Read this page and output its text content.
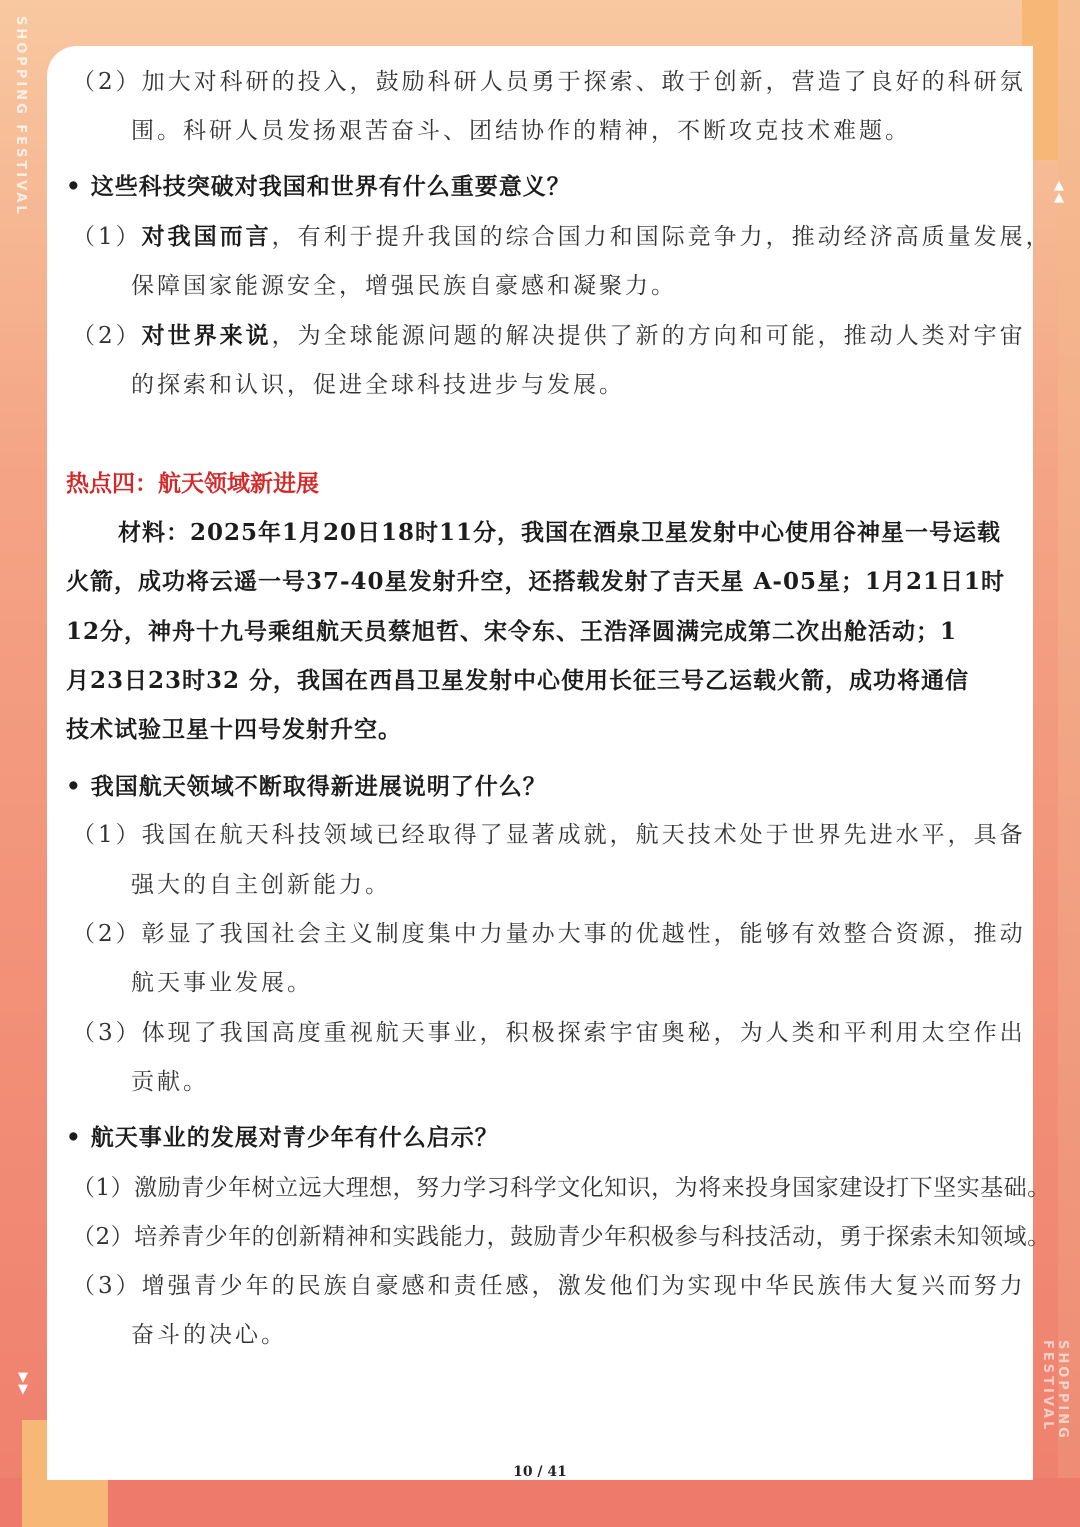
SHOPPING FESTIVAL
SHOPPING FESTIVAL
▲
▲
▼
▼
（2）加大对科研的投入，鼓励科研人员勇于探索、敢于创新，营造了良好的科研氛
围。科研人员发扬艰苦奋斗、团结协作的精神，不断攻克技术难题。
• 这些科技突破对我国和世界有什么重要意义？
（1）对我国而言，有利于提升我国的综合国力和国际竞争力，推动经济高质量发展，
保障国家能源安全，增强民族自豪感和凝聚力。
（2）对世界来说，为全球能源问题的解决提供了新的方向和可能，推动人类对宇宙
的探索和认识，促进全球科技进步与发展。
热点四：航天领域新进展
材料：2025年1月20日18时11分，我国在酒泉卫星发射中心使用谷神星一号运载
火箭，成功将云遥一号37-40星发射升空，还搭载发射了吉天星 A-05星；1月21日1时
12分，神舟十九号乘组航天员蔡旭哲、宋令东、王浩泽圆满完成第二次出舱活动；1
月23日23时32 分，我国在西昌卫星发射中心使用长征三号乙运载火箭，成功将通信
技术试验卫星十四号发射升空。
• 我国航天领域不断取得新进展说明了什么？
（1）我国在航天科技领域已经取得了显著成就，航天技术处于世界先进水平，具备
强大的自主创新能力。
（2）彰显了我国社会主义制度集中力量办大事的优越性，能够有效整合资源，推动
航天事业发展。
（3）体现了我国高度重视航天事业，积极探索宇宙奥秘，为人类和平利用太空作出
贡献。
• 航天事业的发展对青少年有什么启示？
（1）激励青少年树立远大理想，努力学习科学文化知识，为将来投身国家建设打下坚实基础。
（2）培养青少年的创新精神和实践能力，鼓励青少年积极参与科技活动，勇于探索未知领域。
（3）增强青少年的民族自豪感和责任感，激发他们为实现中华民族伟大复兴而努力
奋斗的决心。
10 / 41
